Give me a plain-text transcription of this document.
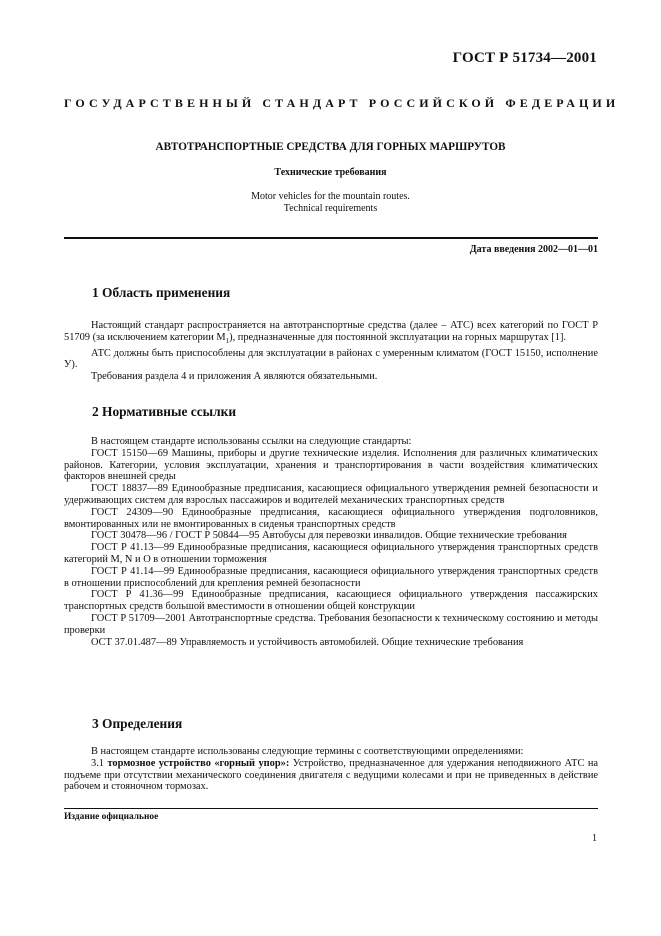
ГОСТ Р 51734—2001
ГОСУДАРСТВЕННЫЙ СТАНДАРТ РОССИЙСКОЙ ФЕДЕРАЦИИ
АВТОТРАНСПОРТНЫЕ СРЕДСТВА ДЛЯ ГОРНЫХ МАРШРУТОВ
Технические требования
Motor vehicles for the mountain routes.
Technical requirements
Дата введения 2002—01—01
1 Область применения

Настоящий стандарт распространяется на автотранспортные средства (далее – АТС) всех категорий по ГОСТ Р 51709 (за исключением категории $М_1$), предназначенные для постоянной эксплуатации на горных маршрутах [1].

АТС должны быть приспособлены для эксплуатации в районах с умеренным климатом (ГОСТ 15150, исполнение У).

Требования раздела 4 и приложения А являются обязательными.

2 Нормативные ссылки

В настоящем стандарте использованы ссылки на следующие стандарты:

ГОСТ 15150—69 Машины, приборы и другие технические изделия. Исполнения для различных климатических районов. Категории, условия эксплуатации, хранения и транспортирования в части воздействия климатических факторов внешней среды

ГОСТ 18837—89 Единообразные предписания, касающиеся официального утверждения ремней безопасности и удерживающих систем для взрослых пассажиров и водителей механических транспортных средств

ГОСТ 24309—90 Единообразные предписания, касающиеся официального утверждения подголовников, вмонтированных или не вмонтированных в сиденья транспортных средств

ГОСТ 30478—96 / ГОСТ Р 50844—95 Автобусы для перевозки инвалидов. Общие технические требования

ГОСТ Р 41.13—99 Единообразные предписания, касающиеся официального утверждения транспортных средств категорий M, N и O в отношении торможения

ГОСТ Р 41.14—99 Единообразные предписания, касающиеся официального утверждения транспортных средств в отношении приспособлений для крепления ремней безопасности

ГОСТ Р 41.36—99 Единообразные предписания, касающиеся официального утверждения пассажирских транспортных средств большой вместимости в отношении общей конструкции

ГОСТ Р 51709—2001 Автотранспортные средства. Требования безопасности к техническому состоянию и методы проверки

ОСТ 37.01.487—89 Управляемость и устойчивость автомобилей. Общие технические требования

3 Определения

В настоящем стандарте использованы следующие термины с соответствующими определениями:

3.1 тормозное устройство «горный упор»: Устройство, предназначенное для удержания неподвижного АТС на подъеме при отсутствии механического соединения двигателя с ведущими колесами и при не приведенных в действие рабочем и стояночном тормозах.

Издание официальное
1
